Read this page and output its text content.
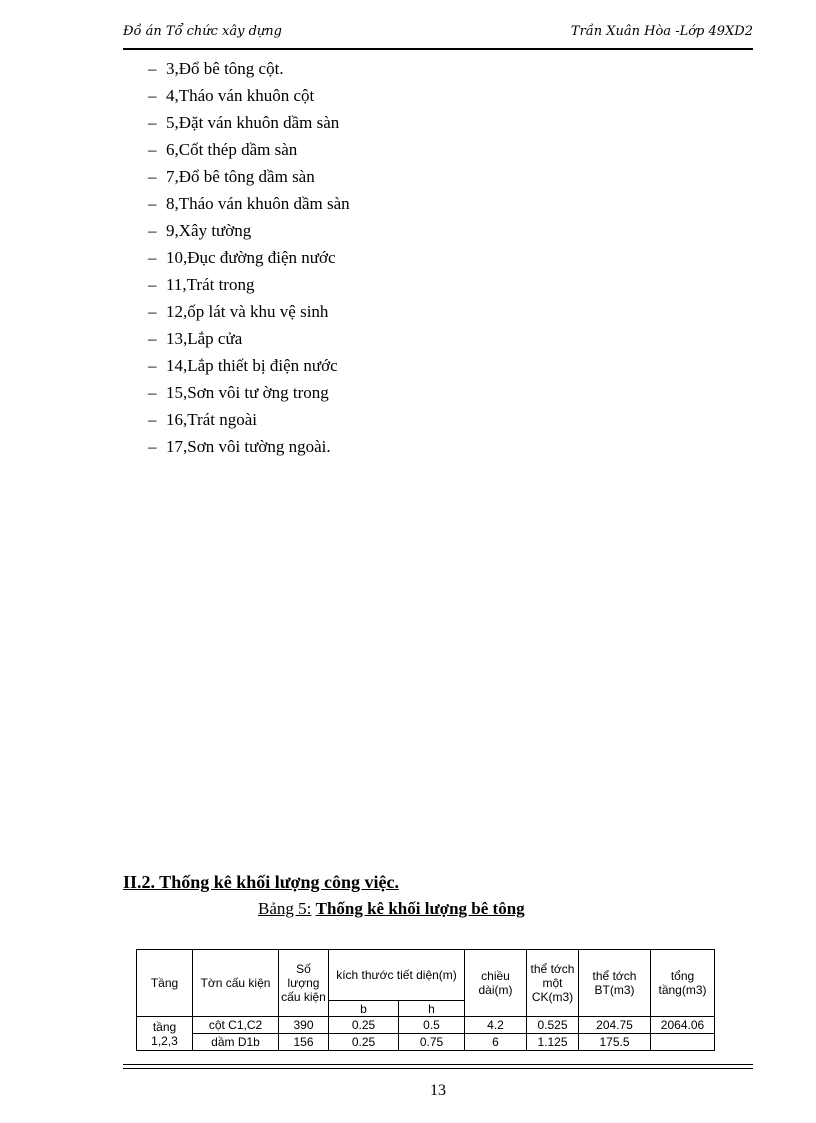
Đồ án Tổ chức xây dựng	Trần Xuân Hòa -Lớp 49XD2
– 3,Đổ bê tông cột.
– 4,Tháo ván khuôn cột
– 5,Đặt ván khuôn dầm sàn
– 6,Cốt thép dầm sàn
– 7,Đổ bê tông dầm sàn
– 8,Tháo ván khuôn dầm sàn
– 9,Xây tường
– 10,Đục đường điện nước
– 11,Trát trong
– 12,ốp lát và khu vệ sinh
– 13,Lắp cửa
– 14,Lắp thiết bị điện nước
– 15,Sơn vôi tư ờng trong
– 16,Trát ngoài
– 17,Sơn vôi tường ngoài.
II.2. Thống kê khối lượng công việc.
Bảng 5: Thống kê khối lượng bê tông
Tầng	Tờn cấu kiện	Số lượng cấu kiện	kích thước tiết diện(m)		chiều dài(m)	thể tớch một CK(m3)	thể tớch BT(m3)	tổng tầng(m3)
			b	h				
tầng 1,2,3	cột C1,C2	390	0.25	0.5	4.2	0.525	204.75	2064.06
	dầm D1b	156	0.25	0.75	6	1.125	175.5	
13
